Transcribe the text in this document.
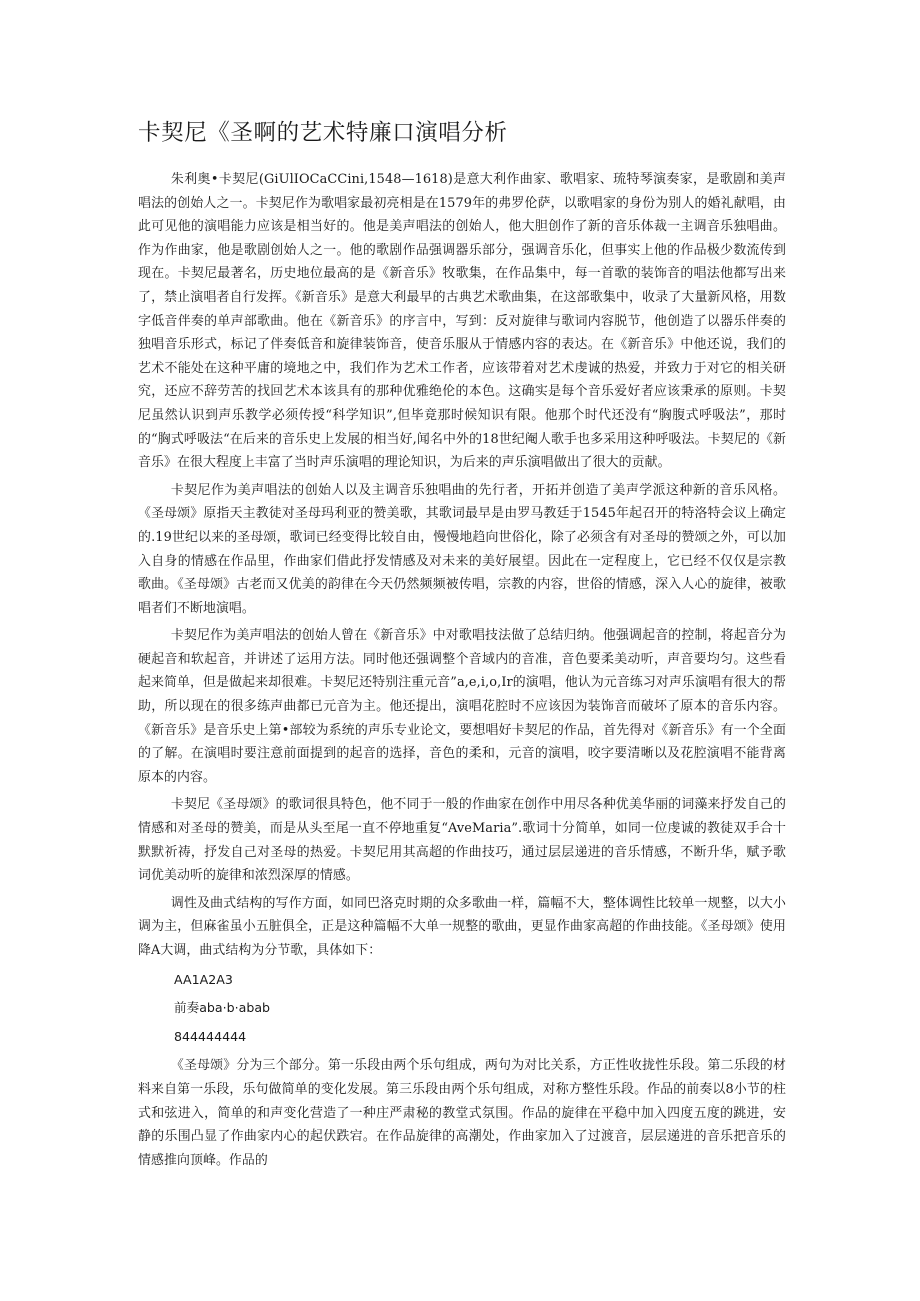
卡契尼《圣啊的艺术特廉口演唱分析

朱利奥•卡契尼(GiUlIOCaCCini,1548—1618)是意大利作曲家、歌唱家、琉特琴演奏家，是歌剧和美声唱法的创始人之一。卡契尼作为歌唱家最初亮相是在1579年的弗罗伦萨，以歌唱家的身份为别人的婚礼献唱，由此可见他的演唱能力应该是相当好的。他是美声唱法的创始人，他大胆创作了新的音乐体裁一主调音乐独唱曲。作为作曲家，他是歌剧创始人之一。他的歌剧作品强调器乐部分，强调音乐化，但事实上他的作品极少数流传到现在。卡契尼最著名，历史地位最高的是《新音乐》牧歌集，在作品集中，每一首歌的装饰音的唱法他都写出来了，禁止演唱者自行发挥。《新音乐》是意大利最早的古典艺术歌曲集，在这部歌集中，收录了大量新风格，用数字低音伴奏的单声部歌曲。他在《新音乐》的序言中，写到：反对旋律与歌词内容脱节，他创造了以器乐伴奏的独唱音乐形式，标记了伴奏低音和旋律装饰音，使音乐服从于情感内容的表达。在《新音乐》中他还说，我们的艺术不能处在这种平庸的境地之中，我们作为艺术工作者，应该带着对艺术虔诚的热爱，并致力于对它的相关研究，还应不辞劳苦的找回艺术本该具有的那种优雅绝伦的本色。这确实是每个音乐爱好者应该秉承的原则。卡契尼虽然认识到声乐教学必须传授“科学知识”,但毕竟那时候知识有限。他那个时代还没有“胸腹式呼吸法”，那时的“胸式呼吸法“在后来的音乐史上发展的相当好,闻名中外的18世纪阉人歌手也多采用这种呼吸法。卡契尼的《新音乐》在很大程度上丰富了当时声乐演唱的理论知识，为后来的声乐演唱做出了很大的贡献。

卡契尼作为美声唱法的创始人以及主调音乐独唱曲的先行者，开拓并创造了美声学派这种新的音乐风格。《圣母颂》原指天主教徒对圣母玛利亚的赞美歌，其歌词最早是由罗马教廷于1545年起召开的特洛特会议上确定的.19世纪以来的圣母颂，歌词已经变得比较自由，慢慢地趋向世俗化，除了必须含有对圣母的赞颂之外，可以加入自身的情感在作品里，作曲家们借此抒发情感及对未来的美好展望。因此在一定程度上，它已经不仅仅是宗教歌曲。《圣母颂》古老而又优美的韵律在今天仍然频频被传唱，宗教的内容，世俗的情感，深入人心的旋律，被歌唱者们不断地演唱。

卡契尼作为美声唱法的创始人曾在《新音乐》中对歌唱技法做了总结归纳。他强调起音的控制，将起音分为硬起音和软起音，并讲述了运用方法。同时他还强调整个音域内的音准，音色要柔美动听，声音要均匀。这些看起来简单，但是做起来却很难。卡契尼还特别注重元音”a,e,i,o,Ir的演唱，他认为元音练习对声乐演唱有很大的帮助，所以现在的很多练声曲都已元音为主。他还提出，演唱花腔时不应该因为装饰音而破坏了原本的音乐内容。《新音乐》是音乐史上第•部较为系统的声乐专业论文，要想唱好卡契尼的作品，首先得对《新音乐》有一个全面的了解。在演唱时要注意前面提到的起音的选择，音色的柔和，元音的演唱，咬字要清晰以及花腔演唱不能背离原本的内容。

卡契尼《圣母颂》的歌词很具特色，他不同于一般的作曲家在创作中用尽各种优美华丽的词藻来抒发自己的情感和对圣母的赞美，而是从头至尾一直不停地重复“AveMaria”.歌词十分简单，如同一位虔诚的教徒双手合十默默祈祷，抒发自己对圣母的热爱。卡契尼用其高超的作曲技巧，通过层层递进的音乐情感，不断升华，赋予歌词优美动听的旋律和浓烈深厚的情感。

调性及曲式结构的写作方面，如同巴洛克时期的众多歌曲一样，篇幅不大，整体调性比较单一规整，以大小调为主，但麻雀虽小五脏俱全，正是这种篇幅不大单一规整的歌曲，更显作曲家高超的作曲技能。《圣母颂》使用降A大调，曲式结构为分节歌，具体如下：

AA1A2A3
前奏aba·b·abab
844444444

《圣母颂》分为三个部分。第一乐段由两个乐句组成，两句为对比关系，方正性收拢性乐段。第二乐段的材料来自第一乐段，乐句做简单的变化发展。第三乐段由两个乐句组成，对称方整性乐段。作品的前奏以8小节的柱式和弦进入，简单的和声变化营造了一种庄严肃秘的教堂式氛围。作品的旋律在平稳中加入四度五度的跳进，安静的乐围凸显了作曲家内心的起伏跌宕。在作品旋律的高潮处，作曲家加入了过渡音，层层递进的音乐把音乐的情感推向顶峰。作品的
